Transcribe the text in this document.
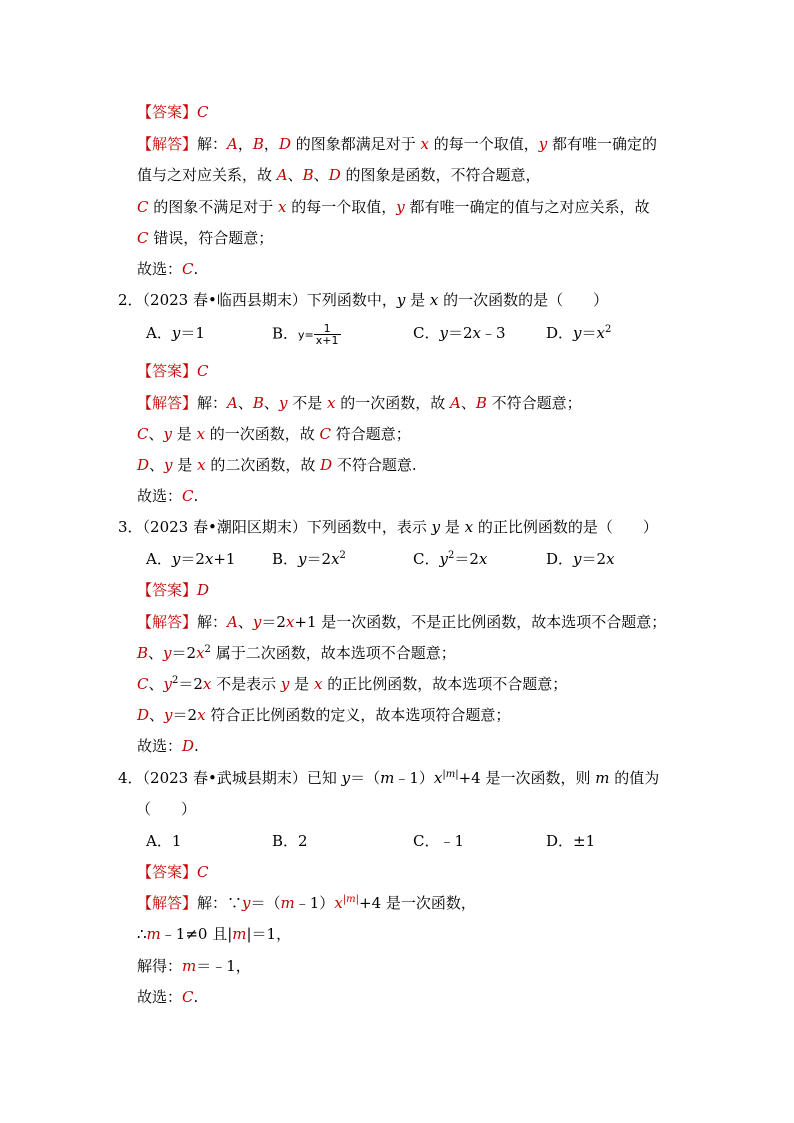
【答案】C
【解答】解：A，B，D 的图象都满足对于 x 的每一个取值，y 都有唯一确定的
值与之对应关系，故 A、B、D 的图象是函数，不符合题意，
C 的图象不满足对于 x 的每一个取值，y 都有唯一确定的值与之对应关系，故
C 错误，符合题意；
故选：C.
2．（2023 春•临西县期末）下列函数中，y 是 x 的一次函数的是（　　）
A．y＝1	B．$y= \frac{1}{x+1}$	C．y＝2x﹣3	D．$y=x^2$
【答案】C
【解答】解：A、B、y 不是 x 的一次函数，故 A、B 不符合题意；
C、y 是 x 的一次函数，故 C 符合题意；
D、y 是 x 的二次函数，故 D 不符合题意.
故选：C.
3．（2023 春•潮阳区期末）下列函数中，表示 y 是 x 的正比例函数的是（　　）
A．y＝2x+1 B．$y=2x^2$	C．$y^2=2x$	D．y＝2x
【答案】D
【解答】解：A、y＝2x+1 是一次函数，不是正比例函数，故本选项不合题意；
B、$y=2x^2$ 属于二次函数，故本选项不合题意；
C、$y^2=2x$ 不是表示 y 是 x 的正比例函数，故本选项不合题意；
D、y＝2x 符合正比例函数的定义，故本选项符合题意；
故选：D.
4．（2023 春•武城县期末）已知 $y=(m﹣1)x^{|m|}+4$ 是一次函数，则 m 的值为
（　　）
A．1	B．2	C．﹣1	D．±1
【答案】C
【解答】解：$\because y=(m﹣1)x^{|m|}+4$ 是一次函数，
∴m﹣1≠0 且|m|＝1，
解得：m＝﹣1，
故选：C.
